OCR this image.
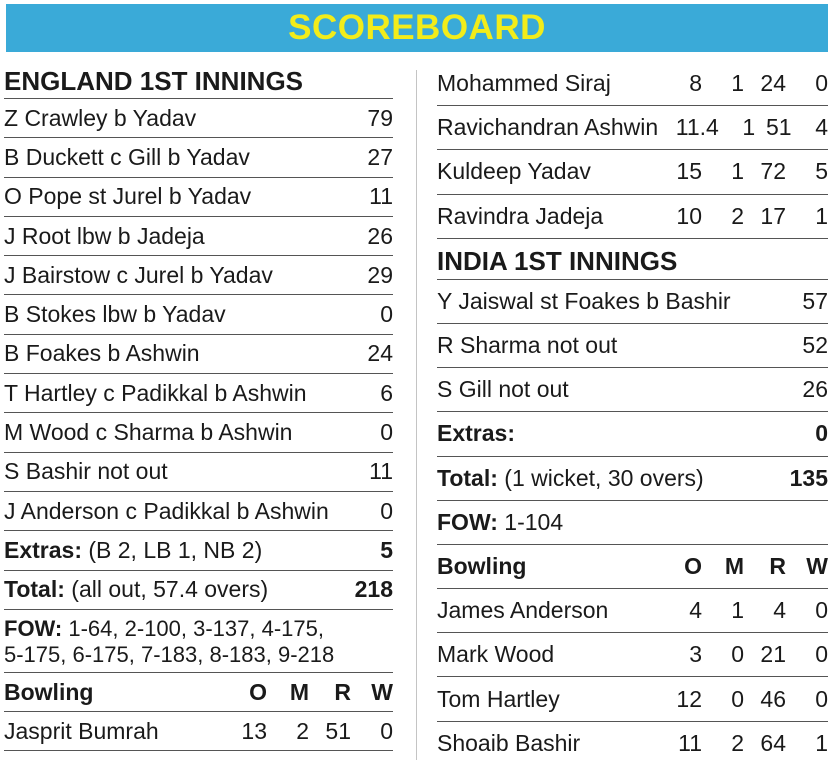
SCOREBOARD
ENGLAND 1ST INNINGS
Z Crawley b Yadav	79
B Duckett c Gill b Yadav	27
O Pope st Jurel b Yadav	11
J Root lbw b Jadeja	26
J Bairstow c Jurel b Yadav	29
B Stokes lbw b Yadav	0
B Foakes b Ashwin	24
T Hartley c Padikkal b Ashwin	6
M Wood c Sharma b Ashwin	0
S Bashir not out	11
J Anderson c Padikkal b Ashwin	0
Extras: (B 2, LB 1, NB 2)	5
Total: (all out, 57.4 overs)	218
FOW: 1-64, 2-100, 3-137, 4-175,
5-175, 6-175, 7-183, 8-183, 9-218
Bowling	O M	R W
Jasprit Bumrah	13	2 51	0
Mohammed Siraj	8	1 24	0
Ravichandran Ashwin 11.4	1 51	4
Kuldeep Yadav	15	1 72	5
Ravindra Jadeja	10	2 17	1
INDIA 1ST INNINGS
Y Jaiswal st Foakes b Bashir	57
R Sharma not out	52
S Gill not out	26
Extras:	0
Total: (1 wicket, 30 overs)	135
FOW: 1-104
Bowling	O M	R W
James Anderson	4	1	4	0
Mark Wood	3	0 21	0
Tom Hartley	12	0 46	0
Shoaib Bashir	11	2 64	1
